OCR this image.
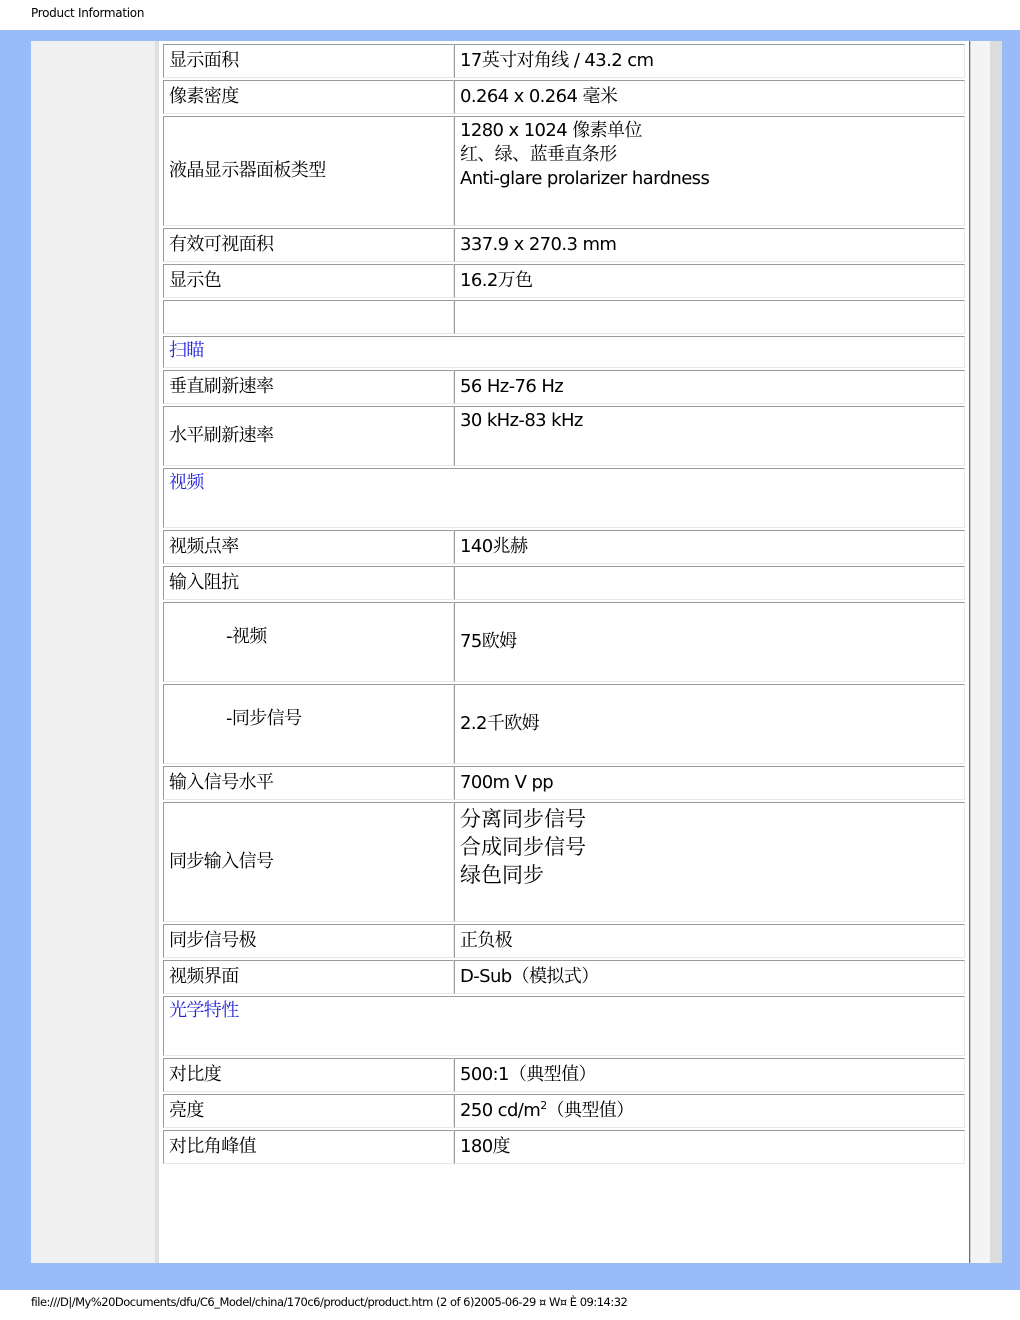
Product Information
显示面积	17英寸对角线 / 43.2 cm
像素密度	0.264 x 0.264 毫米
液晶显示器面板类型	1280 x 1024 像素单位
红、绿、蓝垂直条形
Anti-glare prolarizer hardness

有效可视面积	337.9 x 270.3 mm
显示色	16.2万色

扫瞄	
垂直刷新速率	56 Hz-76 Hz
水平刷新速率	30 kHz-83 kHz
视频	
视频点率	140兆赫
输入阻抗	
-视频	75欧姆
-同步信号	2.2千欧姆
输入信号水平	700m V pp
同步输入信号	分离同步信号
合成同步信号
绿色同步

同步信号极	正负极
视频界面	D-Sub（模拟式）
光学特性	
对比度	500:1（典型值）
亮度	250 $cd/m^2$（典型值）
对比角峰值	180度
file:///D|/My%20Documents/dfu/C6_Model/china/170c6/product/product.htm (2 of 6)2005-06-29 ¤ W¤ È 09:14:32
